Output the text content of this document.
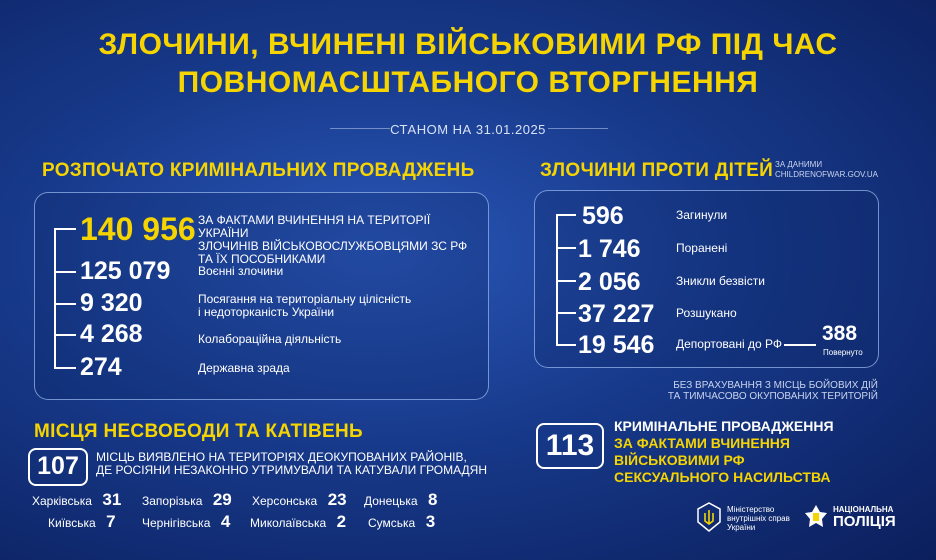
ЗЛОЧИНИ, ВЧИНЕНІ ВІЙСЬКОВИМИ РФ ПІД ЧАС
ПОВНОМАСШТАБНОГО ВТОРГНЕННЯ
СТАНОМ НА 31.01.2025
РОЗПОЧАТО КРИМІНАЛЬНИХ ПРОВАДЖЕНЬ
140 956 ЗА ФАКТАМИ ВЧИНЕННЯ НА ТЕРИТОРІЇ УКРАЇНИ
ЗЛОЧИНІВ ВІЙСЬКОВОСЛУЖБОВЦЯМИ ЗС РФ
ТА ЇХ ПОСОБНИКАМИ
125 079 Воєнні злочини
9 320	Посягання на територіальну цілісність
і недоторканість України
4 268	Колабораційна діяльність
274	Державна зрада
ЗЛОЧИНИ ПРОТИ ДІТЕЙ ЗА ДАНИМИ
CHILDRENOFWAR.GOV.UA
596	Загинули
1 746	Поранені
2 056	Зникли безвісти
37 227 Розшукано
19 546 Депортовані до РФ 388
Повернуто
БЕЗ ВРАХУВАННЯ З МІСЦЬ БОЙОВИХ ДІЙ
ТА ТИМЧАСОВО ОКУПОВАНИХ ТЕРИТОРІЙ
МІСЦЯ НЕСВОБОДИ ТА КАТІВЕНЬ
107	МІСЦЬ ВИЯВЛЕНО НА ТЕРИТОРІЯХ ДЕОКУПОВАНИХ РАЙОНІВ,
ДЕ РОСІЯНИ НЕЗАКОННО УТРИМУВАЛИ ТА КАТУВАЛИ ГРОМАДЯН
Харківська 31 Запорізька 29 Херсонська 23 Донецька 8
Київська 7 Чернігівська 4 Миколаївська 2 Сумська 3
113
КРИМІНАЛЬНЕ ПРОВАДЖЕННЯ
ЗА ФАКТАМИ ВЧИНЕННЯ
ВІЙСЬКОВИМИ РФ
СЕКСУАЛЬНОГО НАСИЛЬСТВА
Міністерство
внутрішніх справ
України
НАЦІОНАЛЬНА
ПОЛІЦІЯ
